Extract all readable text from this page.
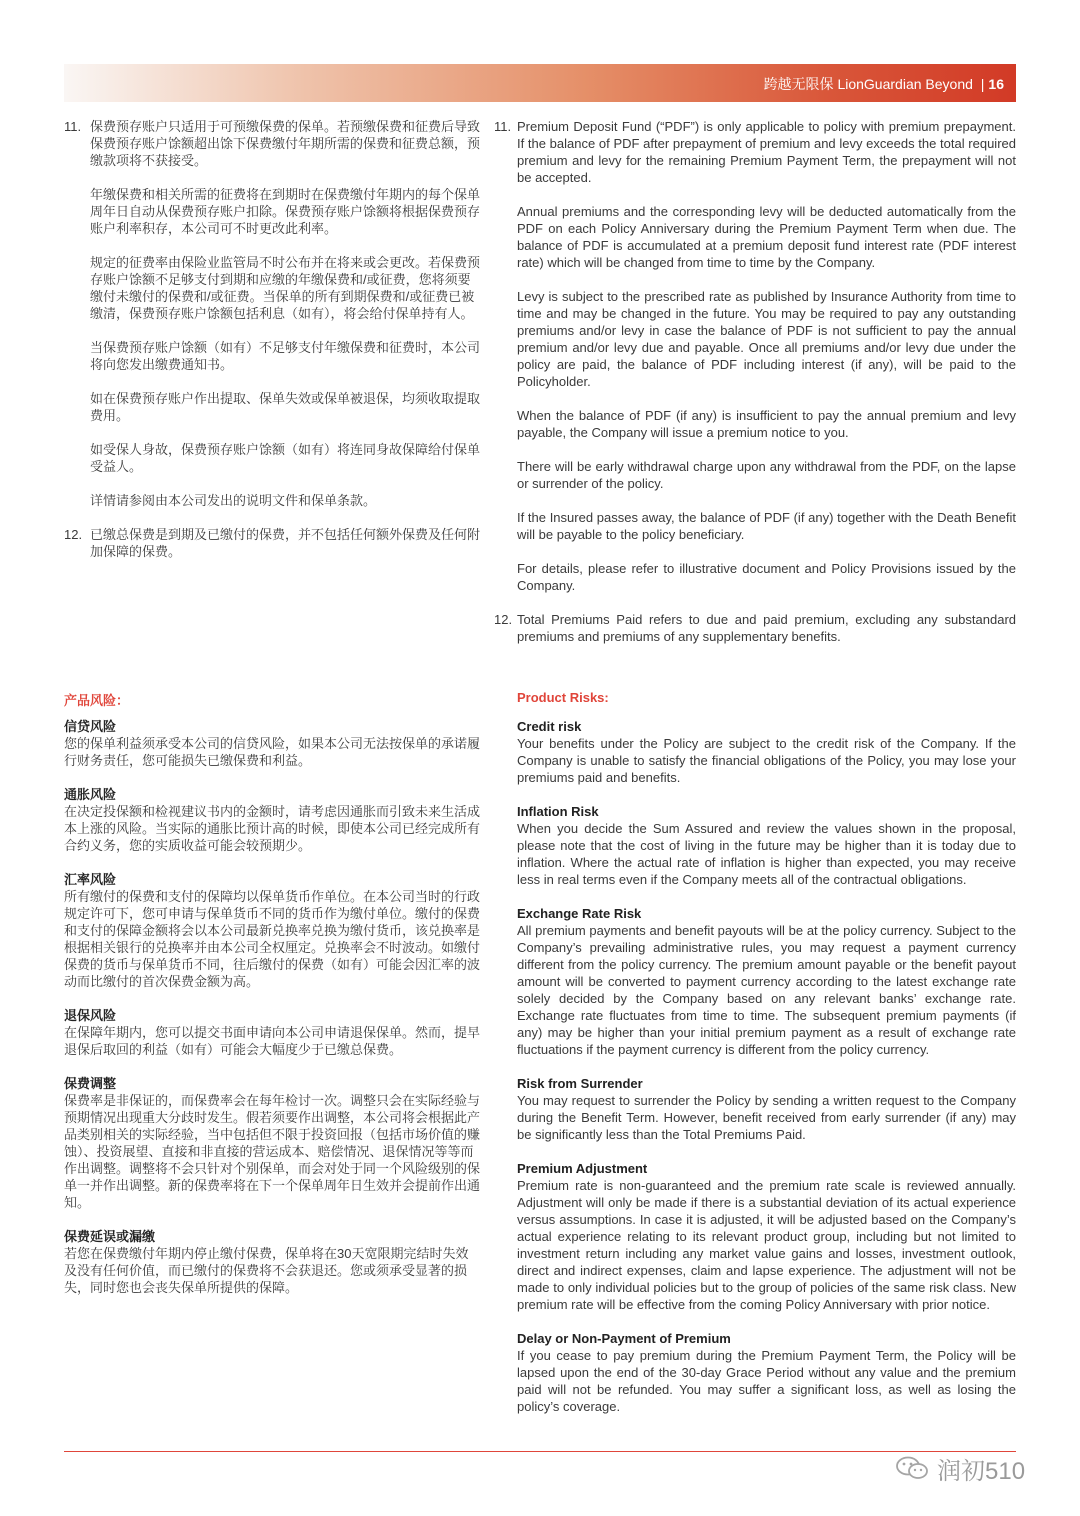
跨越无限保 LionGuardian Beyond | 16
11. 保费预存账户只适用于可预缴保费的保单。若预缴保费和征费后导致保费预存账户馀额超出馀下保费缴付年期所需的保费和征费总额，预缴款项将不获接受。

年缴保费和相关所需的征费将在到期时在保费缴付年期内的每个保单周年日自动从保费预存账户扣除。保费预存账户馀额将根据保费预存账户利率积存，本公司可不时更改此利率。

规定的征费率由保险业监管局不时公布并在将来或会更改。若保费预存账户馀额不足够支付到期和应缴的年缴保费和/或征费，您将须要缴付未缴付的保费和/或征费。当保单的所有到期保费和/或征费已被缴清，保费预存账户馀额包括利息（如有），将会给付保单持有人。

当保费预存账户馀额（如有）不足够支付年缴保费和征费时，本公司将向您发出缴费通知书。

如在保费预存账户作出提取、保单失效或保单被退保，均须收取提取费用。

如受保人身故，保费预存账户馀额（如有）将连同身故保障给付保单受益人。

详情请参阅由本公司发出的说明文件和保单条款。

12. 已缴总保费是到期及已缴付的保费，并不包括任何额外保费及任何附加保障的保费。

11. Premium Deposit Fund (“PDF”) is only applicable to policy with premium prepayment. If the balance of PDF after prepayment of premium and levy exceeds the total required premium and levy for the remaining Premium Payment Term, the prepayment will not be accepted.

Annual premiums and the corresponding levy will be deducted automatically from the PDF on each Policy Anniversary during the Premium Payment Term when due. The balance of PDF is accumulated at a premium deposit fund interest rate (PDF interest rate) which will be changed from time to time by the Company.

Levy is subject to the prescribed rate as published by Insurance Authority from time to time and may be changed in the future. You may be required to pay any outstanding premiums and/or levy in case the balance of PDF is not sufficient to pay the annual premium and/or levy due and payable. Once all premiums and/or levy due under the policy are paid, the balance of PDF including interest (if any), will be paid to the Policyholder.

When the balance of PDF (if any) is insufficient to pay the annual premium and levy payable, the Company will issue a premium notice to you.

There will be early withdrawal charge upon any withdrawal from the PDF, on the lapse or surrender of the policy.

If the Insured passes away, the balance of PDF (if any) together with the Death Benefit will be payable to the policy beneficiary.

For details, please refer to illustrative document and Policy Provisions issued by the Company.

12. Total Premiums Paid refers to due and paid premium, excluding any substandard premiums and premiums of any supplementary benefits.

产品风险：	Product Risks:
信贷风险

您的保单利益须承受本公司的信贷风险，如果本公司无法按保单的承诺履行财务责任，您可能损失已缴保费和利益。

通胀风险

在决定投保额和检视建议书内的金额时，请考虑因通胀而引致未来生活成本上涨的风险。当实际的通胀比预计高的时候，即使本公司已经完成所有合约义务，您的实质收益可能会较预期少。

汇率风险

所有缴付的保费和支付的保障均以保单货币作单位。在本公司当时的行政规定许可下，您可申请与保单货币不同的货币作为缴付单位。缴付的保费和支付的保障金额将会以本公司最新兑换率兑换为缴付货币，该兑换率是根据相关银行的兑换率并由本公司全权厘定。兑换率会不时波动。如缴付保费的货币与保单货币不同，往后缴付的保费（如有）可能会因汇率的波动而比缴付的首次保费金额为高。

退保风险

在保障年期内，您可以提交书面申请向本公司申请退保保单。然而，提早退保后取回的利益（如有）可能会大幅度少于已缴总保费。

保费调整

保费率是非保证的，而保费率会在每年检讨一次。调整只会在实际经验与预期情况出现重大分歧时发生。假若须要作出调整，本公司将会根据此产品类别相关的实际经验，当中包括但不限于投资回报（包括市场价值的赚蚀）、投资展望、直接和非直接的营运成本、赔偿情况、退保情况等等而作出调整。调整将不会只针对个别保单，而会对处于同一个风险级别的保单一并作出调整。新的保费率将在下一个保单周年日生效并会提前作出通知。

保费延误或漏缴

若您在保费缴付年期内停止缴付保费，保单将在30天宽限期完结时失效及没有任何价值，而已缴付的保费将不会获退还。您或须承受显著的损失，同时您也会丧失保单所提供的保障。

Credit risk

Your benefits under the Policy are subject to the credit risk of the Company. If the Company is unable to satisfy the financial obligations of the Policy, you may lose your premiums paid and benefits.

Inflation Risk

When you decide the Sum Assured and review the values shown in the proposal, please note that the cost of living in the future may be higher than it is today due to inflation. Where the actual rate of inflation is higher than expected, you may receive less in real terms even if the Company meets all of the contractual obligations.

Exchange Rate Risk

All premium payments and benefit payouts will be at the policy currency. Subject to the Company’s prevailing administrative rules, you may request a payment currency different from the policy currency. The premium amount payable or the benefit payout amount will be converted to payment currency according to the latest exchange rate solely decided by the Company based on any relevant banks’ exchange rate. Exchange rate fluctuates from time to time. The subsequent premium payments (if any) may be higher than your initial premium payment as a result of exchange rate fluctuations if the payment currency is different from the policy currency.

Risk from Surrender

You may request to surrender the Policy by sending a written request to the Company during the Benefit Term. However, benefit received from early surrender (if any) may be significantly less than the Total Premiums Paid.

Premium Adjustment

Premium rate is non-guaranteed and the premium rate scale is reviewed annually. Adjustment will only be made if there is a substantial deviation of its actual experience versus assumptions. In case it is adjusted, it will be adjusted based on the Company’s actual experience relating to its relevant product group, including but not limited to investment return including any market value gains and losses, investment outlook, direct and indirect expenses, claim and lapse experience. The adjustment will not be made to only individual policies but to the group of policies of the same risk class. New premium rate will be effective from the coming Policy Anniversary with prior notice.

Delay or Non-Payment of Premium

If you cease to pay premium during the Premium Payment Term, the Policy will be lapsed upon the end of the 30-day Grace Period without any value and the premium paid will not be refunded. You may suffer a significant loss, as well as losing the policy’s coverage.

润初510
